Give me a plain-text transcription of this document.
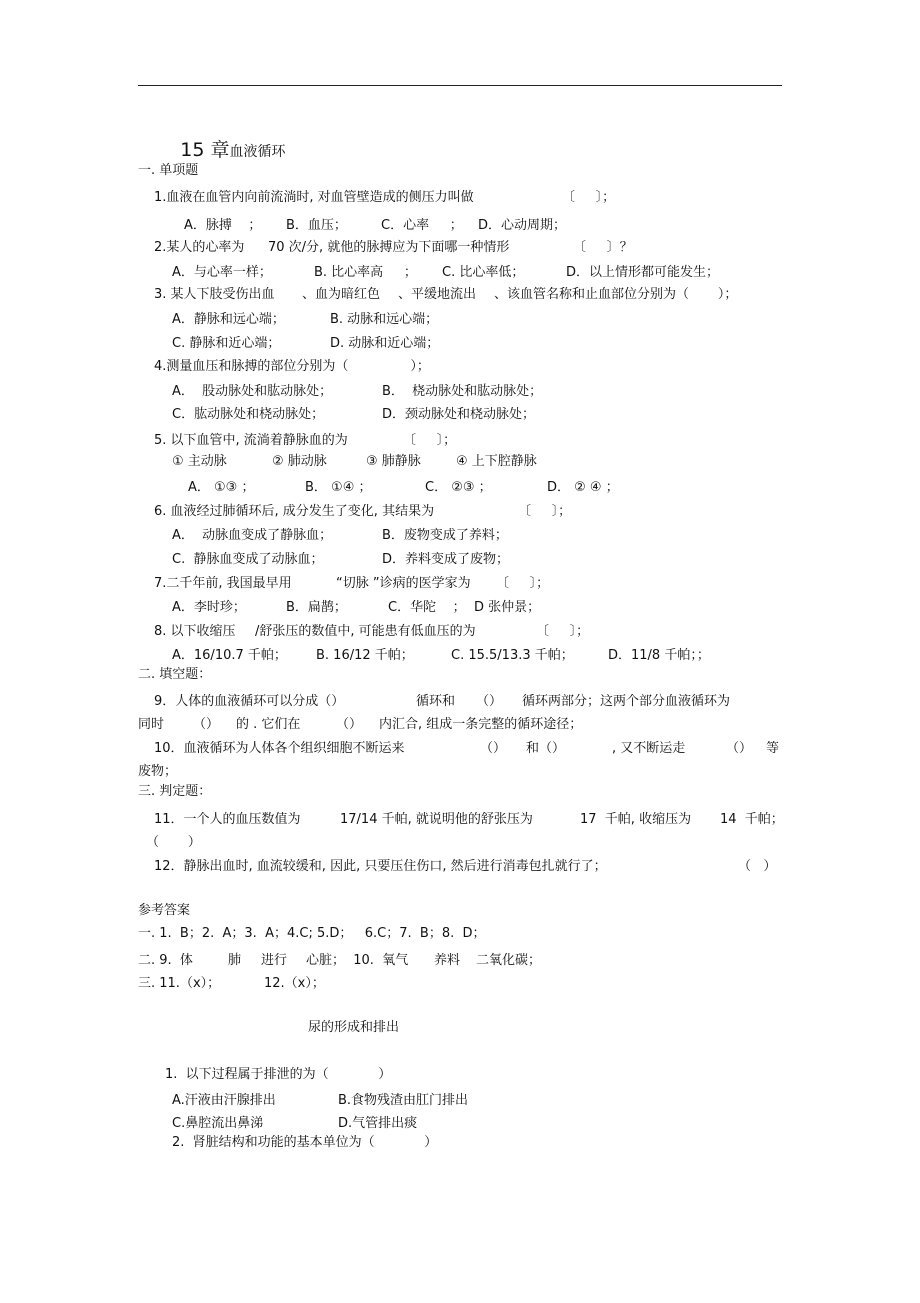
15 章血液循环

一. 单项题
1.血液在血管内向前流淌时, 对血管壁造成的侧压力叫做	〔     〕；
A．脉搏    ； B．血压；	C．心率     ； D．心动周期；
2.某人的心率为 70 次/分, 就他的脉搏应为下面哪一种情形	〔     〕？
A．与心率一样；	B. 比心率高     ； C. 比心率低；	D．以上情形都可能发生；
3. 某人下肢受伤出血 、血为暗红色 、平缓地流出 、该血管名称和止血部位分别为（       ）；
A．静脉和远心端；	B. 动脉和远心端；
C. 静脉和近心端；	D. 动脉和近心端；
4.测量血压和脉搏的部位分别为（               ）；
A．  股动脉处和肱动脉处；	B．  桡动脉处和肱动脉处；
C．肱动脉处和桡动脉处；	D．颈动脉处和桡动脉处；
5. 以下血管中, 流淌着静脉血的为	〔     〕；
① 主动脉	② 肺动脉	③ 肺静脉	④ 上下腔静脉
A． ①③ ；	B． ①④ ；	C． ②③ ；	D． ② ④ ；
6. 血液经过肺循环后, 成分发生了变化, 其结果为	〔     〕；
A．  动脉血变成了静脉血；	B．废物变成了养料；
C.  静脉血变成了动脉血；	D．养料变成了废物；
7.二千年前, 我国最早用	“切脉 ”诊病的医学家为 〔     〕；
A．李时珍；	B．扁鹊；	C．华陀    ； D 张仲景；
8. 以下收缩压 /舒张压的数值中, 可能患有低血压的为	〔     〕；
A．16/10.7 千帕； B. 16/12 千帕；	C. 15.5/13.3 千帕；	D．11/8 千帕；；
二. 填空题：
9．人体的血液循环可以分成（）	循环和 （） 循环两部分；这两个部分血液循环为
同时 （） 的 . 它们在	（） 内汇合, 组成一条完整的循环途径；
10．血液循环为人体各个组织细胞不断运来	（） 和（）	, 又不断运走	（） 等
废物；
三. 判定题：
11．一个人的血压数值为	17/14 千帕, 就说明他的舒张压为	17  千帕, 收缩压为 14  千帕；
（       ）
12．静脉出血时, 血流较缓和, 因此, 只要压住伤口, 然后进行消毒包扎就行了；	（   ）
参考答案
一. 1.  B；2.  A；3.  A；4.C; 5.D；   6.C；7.  B；8.  D；
二. 9.  体	肺 进行 心脏；  10.  氧气 养料 二氧化碳；
三. 11.（x）；	12.（x）；
尿的形成和排出
1.  以下过程属于排泄的为（            ）
A.汗液由汗腺排出	B.食物残渣由肛门排出
C.鼻腔流出鼻涕	D.气管排出痰
2.  肾脏结构和功能的基本单位为（            ）
